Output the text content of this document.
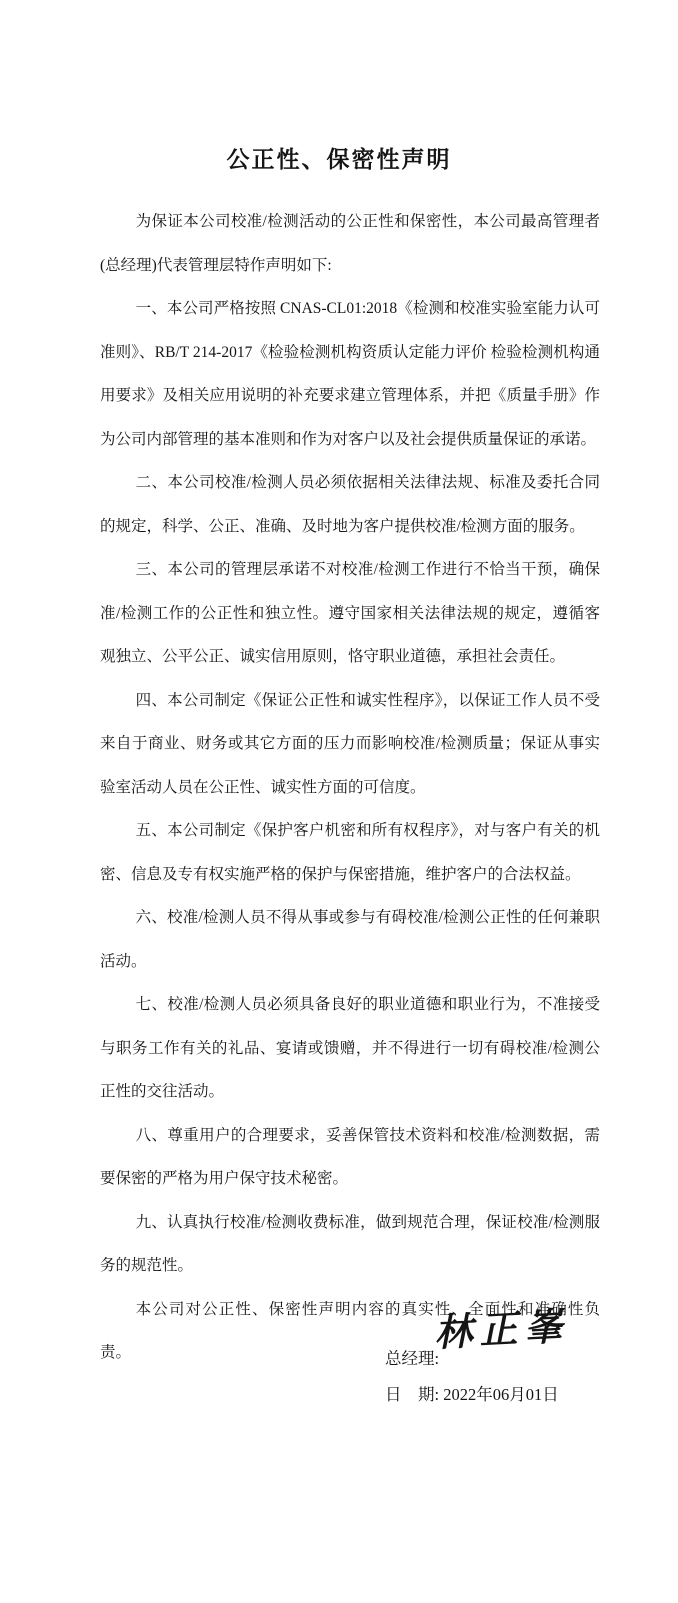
公正性、保密性声明

为保证本公司校准/检测活动的公正性和保密性，本公司最高管理者(总经理)代表管理层特作声明如下:

一、本公司严格按照 CNAS-CL01:2018《检测和校准实验室能力认可准则》、RB/T 214-2017《检验检测机构资质认定能力评价 检验检测机构通用要求》及相关应用说明的补充要求建立管理体系，并把《质量手册》作为公司内部管理的基本准则和作为对客户以及社会提供质量保证的承诺。

二、本公司校准/检测人员必须依据相关法律法规、标准及委托合同的规定，科学、公正、准确、及时地为客户提供校准/检测方面的服务。

三、本公司的管理层承诺不对校准/检测工作进行不恰当干预，确保准/检测工作的公正性和独立性。遵守国家相关法律法规的规定，遵循客观独立、公平公正、诚实信用原则，恪守职业道德，承担社会责任。

四、本公司制定《保证公正性和诚实性程序》，以保证工作人员不受来自于商业、财务或其它方面的压力而影响校准/检测质量；保证从事实验室活动人员在公正性、诚实性方面的可信度。

五、本公司制定《保护客户机密和所有权程序》，对与客户有关的机密、信息及专有权实施严格的保护与保密措施，维护客户的合法权益。

六、校准/检测人员不得从事或参与有碍校准/检测公正性的任何兼职活动。

七、校准/检测人员必须具备良好的职业道德和职业行为，不准接受与职务工作有关的礼品、宴请或馈赠，并不得进行一切有碍校准/检测公正性的交往活动。

八、尊重用户的合理要求，妥善保管技术资料和校准/检测数据，需要保密的严格为用户保守技术秘密。

九、认真执行校准/检测收费标准，做到规范合理，保证校准/检测服务的规范性。

本公司对公正性、保密性声明内容的真实性、全面性和准确性负责。	总经理:
林正峯
日　期: 2022年06月01日
